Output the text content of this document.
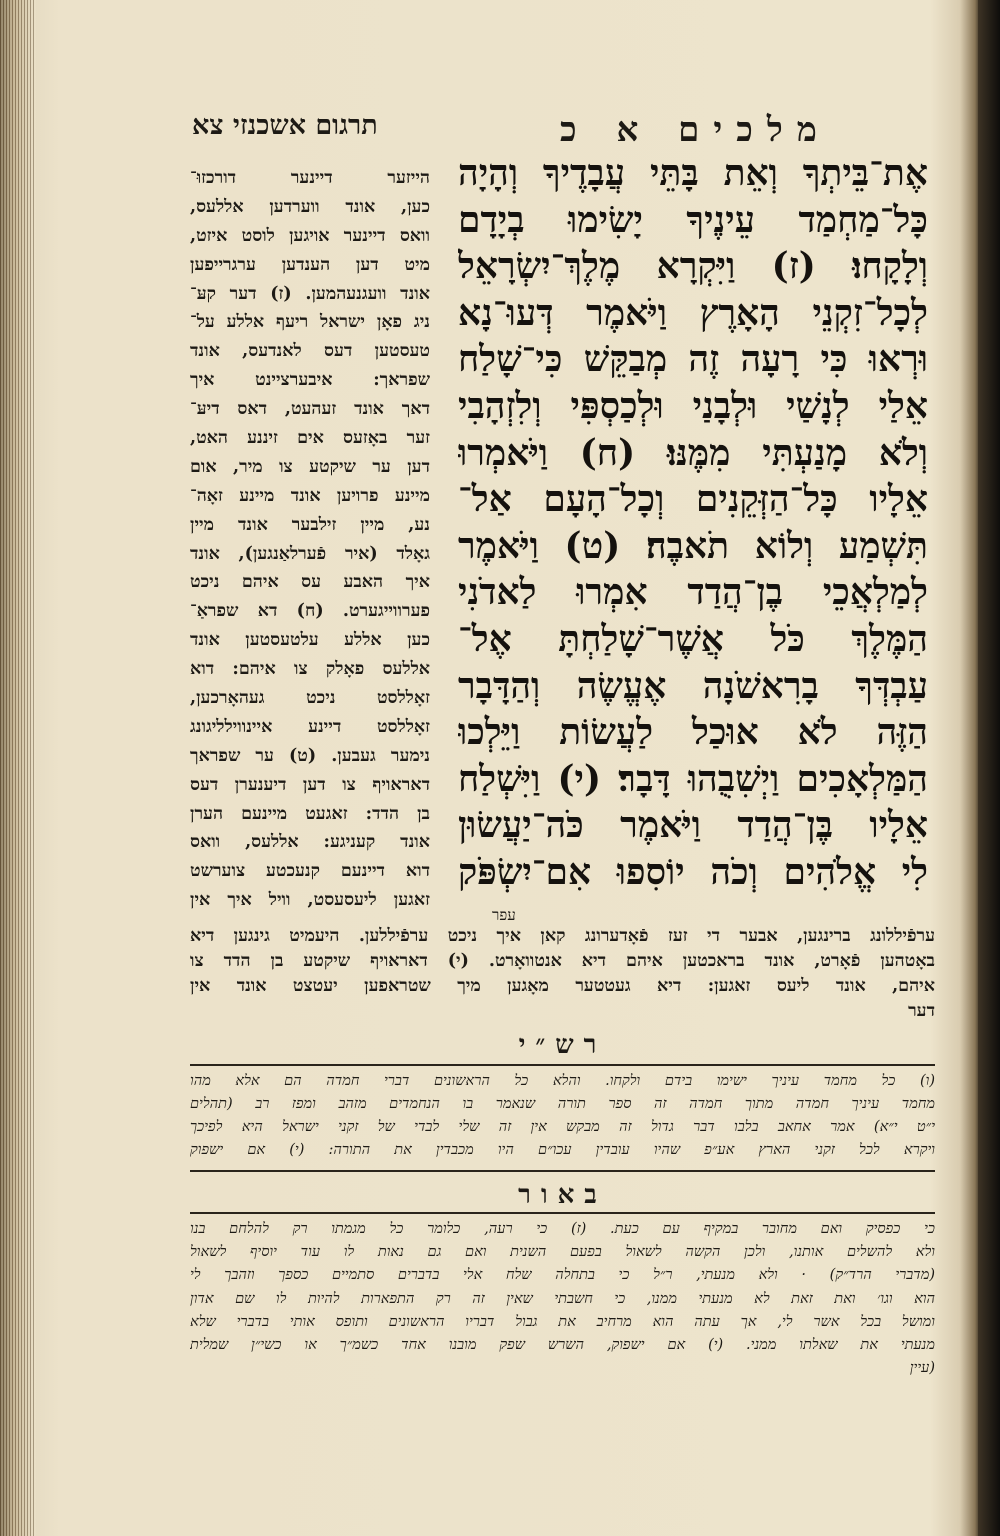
תרגום אשכנזי צא	מלכים א כ
אֶת־בֵּיתְךָ וְאֵת בָּתֵּי עֲבָדֶיךָ וְהָיָה
כָּל־מַחְמַד עֵינֶיךָ יָשִׂימוּ בְיָדָם
וְלָקָחוּ׃ (ז) וַיִּקְרָא מֶלֶךְ־יִשְׂרָאֵל
לְכָל־זִקְנֵי הָאָרֶץ וַיֹּאמֶר דְּעוּ־נָא
וּרְאוּ כִּי רָעָה זֶה מְבַקֵּשׁ כִּי־שָׁלַח
אֵלַי לְנָשַׁי וּלְבָנַי וּלְכַסְפִּי וְלִזְהָבִי
וְלֹא מָנַעְתִּי מִמֶּנּוּ׃ (ח) וַיֹּאמְרוּ
אֵלָיו כָּל־הַזְּקֵנִים וְכָל־הָעָם אַל־
תִּשְׁמַע וְלוֹא תֹאבֶה׃ (ט) וַיֹּאמֶר
לְמַלְאֲכֵי בֶן־הֲדַד אִמְרוּ לַאדֹנִי
הַמֶּלֶךְ כֹּל אֲשֶׁר־שָׁלַחְתָּ אֶל־
עַבְדְּךָ בָרִאשֹׁנָה אֶעֱשֶׂה וְהַדָּבָר
הַזֶּה לֹא אוּכַל לַעֲשׂוֹת וַיֵּלְכוּ
הַמַּלְאָכִים וַיְשִׁבֻהוּ דָּבָר׃ (י) וַיִּשְׁלַח
אֵלָיו בֶּן־הֲדַד וַיֹּאמֶר כֹּה־יַעֲשׂוּן
לִי אֱלֹהִים וְכֹה יוֹסִפוּ אִם־יִשְׂפֹּק
עפר
הייזער דיינער דורכזוּ־
כען, אונד ווערדען אללעס,
וואס דיינער אויגען לוסט איזט,
מיט דען הענדען ערגרייפען
אונד וועגנעהמען. (ז) דער קעּ־
ניג פאָן ישראל ריעף אללע על־
טעסטען דעס לאנדעס, אונד
שפראך: איבערציינט איך
דאך אונד זעהעט, דאס דיעּ־
זער באָזעס אים זיננע האט,
דען ער שיקטע צו מיר, אום
מיינע פרויען אונד מיינע זאָה־
נע, מיין זילבער אונד מיין
גאָלד (איר פֿערלאַנגען), אונד
איך האבע עס איהם ניכט
פערווייגערט. (ח) דא שפראַ־
כען אללע עלטעסטען אונד
אללעס פאָלק צו איהם: דוא
זאָללסט ניכט געהאָרכען,
זאָללסט דיינע איינווילליגונג
נימער געבען. (ט) ער שפראך
דאראויף צו דען דיענערן דעס
בן הדד: זאגעט מיינעם הערן
אונד קעניגע: אללעס, וואס
דוא דיינעם קנעכטע צוערשט
זאגען ליעסעסט, וויל איך אין
ערפֿיללונג ברינגען, אבער די זעז פֿאָדערונג קאן איך ניכט ערפֿיללען. היעמיט גינגען דיא
באָטהען פֿאָרט, אונד בראכטען איהם דיא אנטוואָרט. (י) דאראויף שיקטע בן הדד צו
איהם, אונד ליעס זאגען: דיא געטטער מאָגען מיך שטראפען יעטצט אונד אין
דער
רש״י
(ו) כל מחמד עיניך ישימו בידם ולקחו. והלא כל הראשונים דברי חמדה הם אלא מהו
מחמד עיניך חמדה מתוך חמדה זה ספר תורה שנאמר בו הנחמדים מזהב ומפז רב (תהלים
י״ט י״א) אמר אחאב בלבו דבר גדול זה מבקש אין זה שלי לבדי של זקני ישראל היא לפיכך
ויקרא לכל זקני הארץ אע״פ שהיו עובדין עכו״ם היו מכבדין את התורה: (י) אם ישפוק
באור
כי כפסיק ואם מחובר במקיף עם כעת. (ז) כי רעה, כלומר כל מגמתו רק להלחם בנו
ולא להשלים אותנו, ולכן הקשה לשאול בפעם השנית ואם גם נאות לו עוד יוסיף לשאול
(מדברי הרד״ק) · ולא מנעתי, ר״ל כי בתחלה שלח אלי בדברים סתמיים כספך וזהבך לי
הוא וגו׳ ואת זאת לא מנעתי ממנו, כי חשבתי שאין זה רק התפארות להיות לו שם אדון
ומושל בכל אשר לי, אך עתה הוא מרחיב את גבול דבריו הראשונים ותופס אותי בדברי שלא
מנעתי את שאלתו ממני. (י) אם ישפוק, השרש שפק מובנו אחד כשמ״ך או כשי״ן שמלית
(עיין
